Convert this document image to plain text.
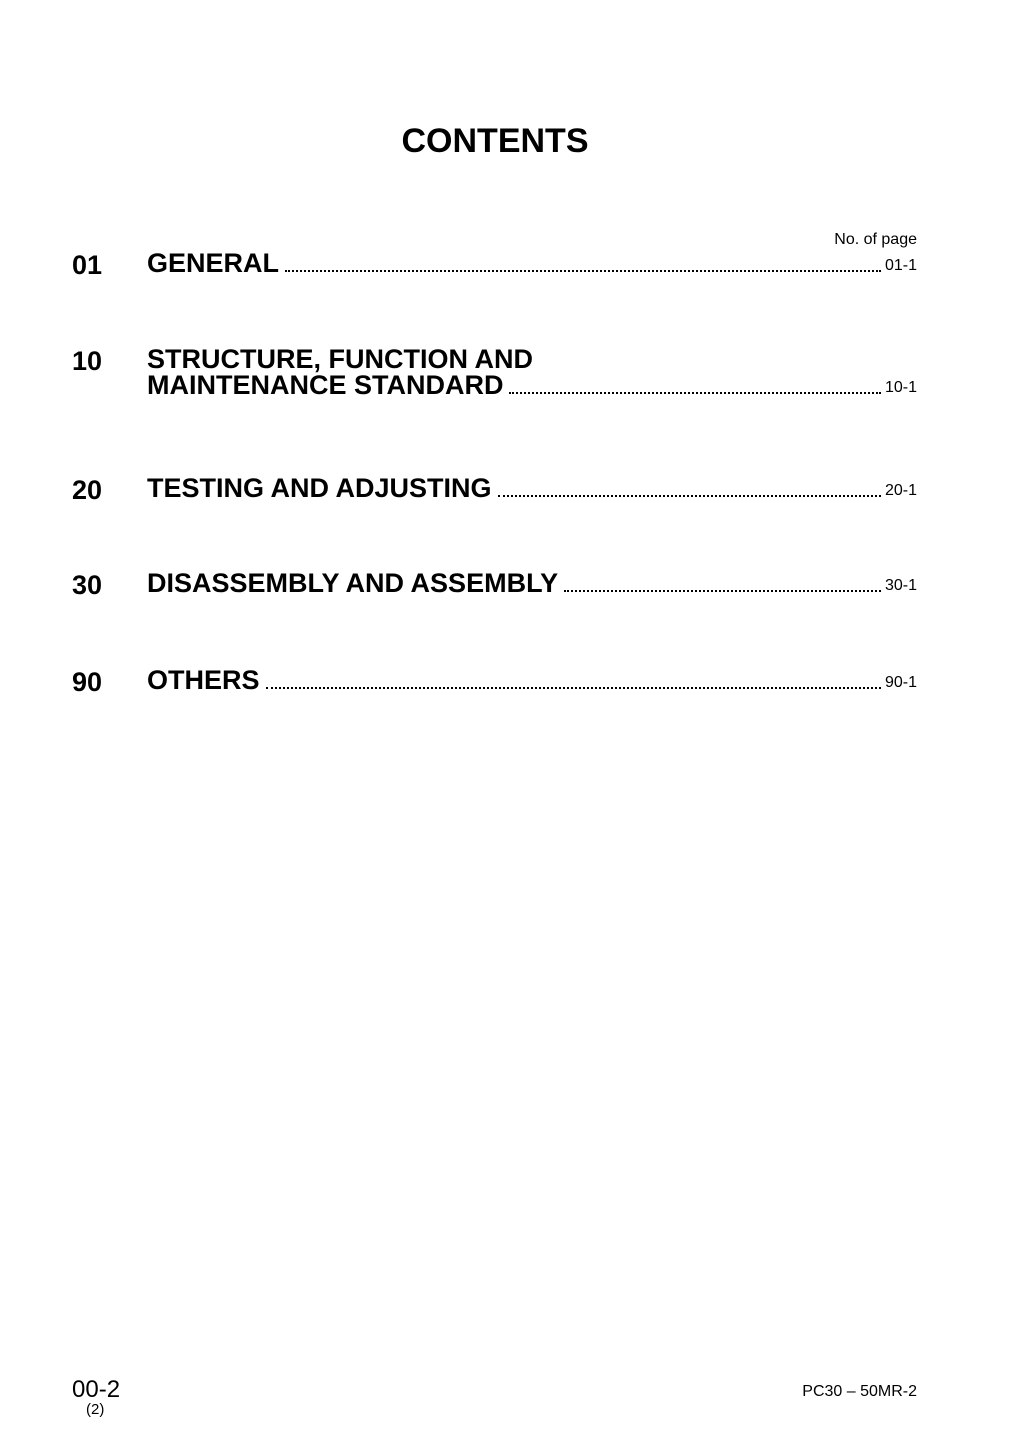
CONTENTS
No. of page
01 GENERAL	01-1
10 STRUCTURE, FUNCTION AND
MAINTENANCE STANDARD	10-1
20 TESTING AND ADJUSTING	20-1
30 DISASSEMBLY AND ASSEMBLY	30-1
90 OTHERS	90-1
00-2
(2)
PC30 – 50MR-2
